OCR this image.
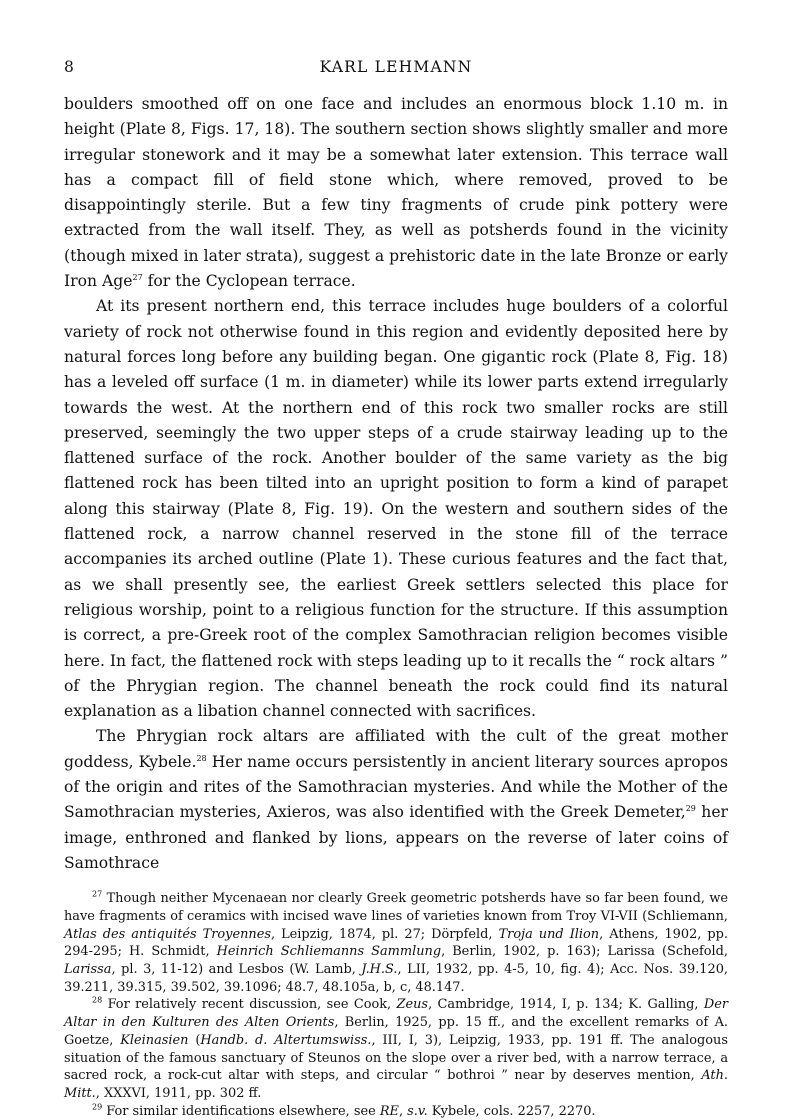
8	KARL LEHMANN

boulders smoothed off on one face and includes an enormous block 1.10 m. in height (Plate 8, Figs. 17, 18). The southern section shows slightly smaller and more irregular stonework and it may be a somewhat later extension. This terrace wall has a compact fill of field stone which, where removed, proved to be disappointingly sterile. But a few tiny fragments of crude pink pottery were extracted from the wall itself. They, as well as potsherds found in the vicinity (though mixed in later strata), suggest a prehistoric date in the late Bronze or early Iron Age$^{27}$ for the Cyclopean terrace.

At its present northern end, this terrace includes huge boulders of a colorful variety of rock not otherwise found in this region and evidently deposited here by natural forces long before any building began. One gigantic rock (Plate 8, Fig. 18) has a leveled off surface (1 m. in diameter) while its lower parts extend irregularly towards the west. At the northern end of this rock two smaller rocks are still preserved, seemingly the two upper steps of a crude stairway leading up to the flattened surface of the rock. Another boulder of the same variety as the big flattened rock has been tilted into an upright position to form a kind of parapet along this stairway (Plate 8, Fig. 19). On the western and southern sides of the flattened rock, a narrow channel reserved in the stone fill of the terrace accompanies its arched outline (Plate 1). These curious features and the fact that, as we shall presently see, the earliest Greek settlers selected this place for religious worship, point to a religious function for the structure. If this assumption is correct, a pre-Greek root of the complex Samothracian religion becomes visible here. In fact, the flattened rock with steps leading up to it recalls the “ rock altars ” of the Phrygian region. The channel beneath the rock could find its natural explanation as a libation channel connected with sacrifices.

The Phrygian rock altars are affiliated with the cult of the great mother goddess, Kybele.$^{28}$ Her name occurs persistently in ancient literary sources apropos of the origin and rites of the Samothracian mysteries. And while the Mother of the Samothracian mysteries, Axieros, was also identified with the Greek Demeter,$^{29}$ her image, enthroned and flanked by lions, appears on the reverse of later coins of Samothrace

$^{27}$ Though neither Mycenaean nor clearly Greek geometric potsherds have so far been found, we have fragments of ceramics with incised wave lines of varieties known from Troy VI-VII (Schliemann, Atlas des antiquités Troyennes, Leipzig, 1874, pl. 27; Dörpfeld, Troja und Ilion, Athens, 1902, pp. 294-295; H. Schmidt, Heinrich Schliemanns Sammlung, Berlin, 1902, p. 163); Larissa (Schefold, Larissa, pl. 3, 11-12) and Lesbos (W. Lamb, J.H.S., LII, 1932, pp. 4-5, 10, fig. 4); Acc. Nos. 39.120, 39.211, 39.315, 39.502, 39.1096; 48.7, 48.105a, b, c, 48.147.

$^{28}$ For relatively recent discussion, see Cook, Zeus, Cambridge, 1914, I, p. 134; K. Galling, Der Altar in den Kulturen des Alten Orients, Berlin, 1925, pp. 15 ff., and the excellent remarks of A. Goetze, Kleinasien (Handb. d. Altertumswiss., III, I, 3), Leipzig, 1933, pp. 191 ff. The analogous situation of the famous sanctuary of Steunos on the slope over a river bed, with a narrow terrace, a sacred rock, a rock-cut altar with steps, and circular “ bothroi ” near by deserves mention, Ath. Mitt., XXXVI, 1911, pp. 302 ff.

$^{29}$ For similar identifications elsewhere, see RE, s.v. Kybele, cols. 2257, 2270.
